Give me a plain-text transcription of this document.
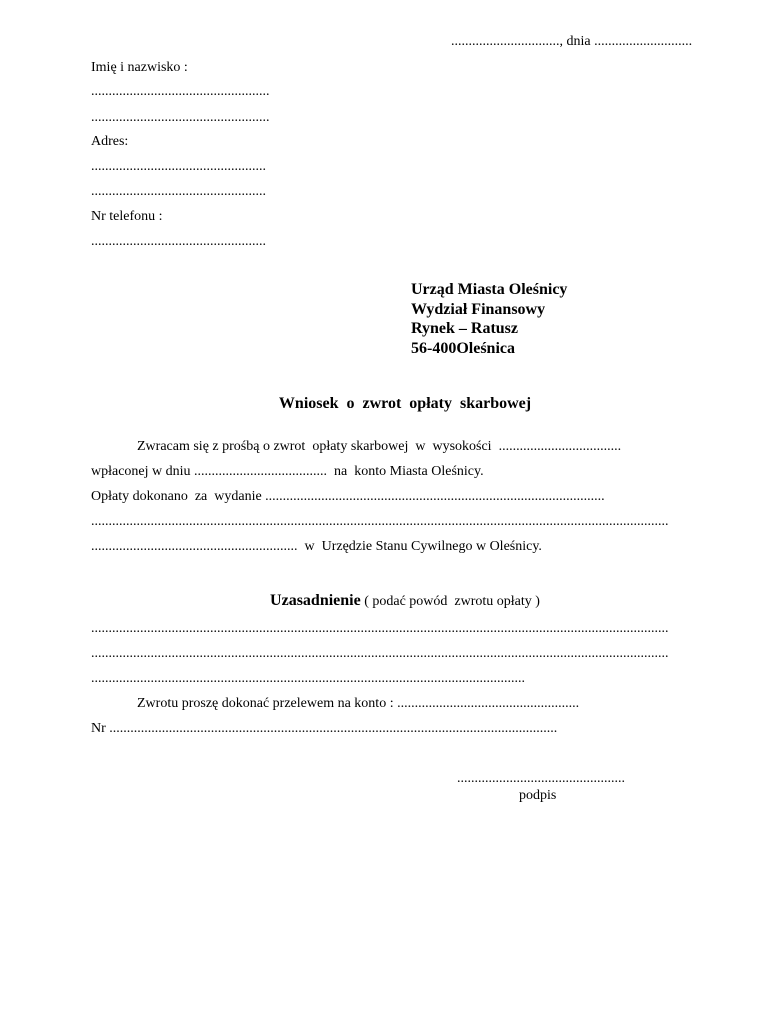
..............................., dnia ............................
Imię i nazwisko :
...................................................
...................................................
Adres:
..................................................
..................................................
Nr telefonu :
..................................................
Urząd Miasta Oleśnicy
Wydział Finansowy
Rynek – Ratusz
56-400Oleśnica
Wniosek  o  zwrot  opłaty  skarbowej
Zwracam się z prośbą o zwrot  opłaty skarbowej  w  wysokości  ...................................
wpłaconej w dniu ......................................  na  konto Miasta Oleśnicy.
Opłaty dokonano  za  wydanie .................................................................................................
.....................................................................................................................................................................
...........................................................  w  Urzędzie Stanu Cywilnego w Oleśnicy.
Uzasadnienie ( podać powód  zwrotu opłaty )
.....................................................................................................................................................................
.....................................................................................................................................................................
............................................................................................................................
Zwrotu proszę dokonać przelewem na konto : ....................................................
Nr ................................................................................................................................
................................................
podpis
